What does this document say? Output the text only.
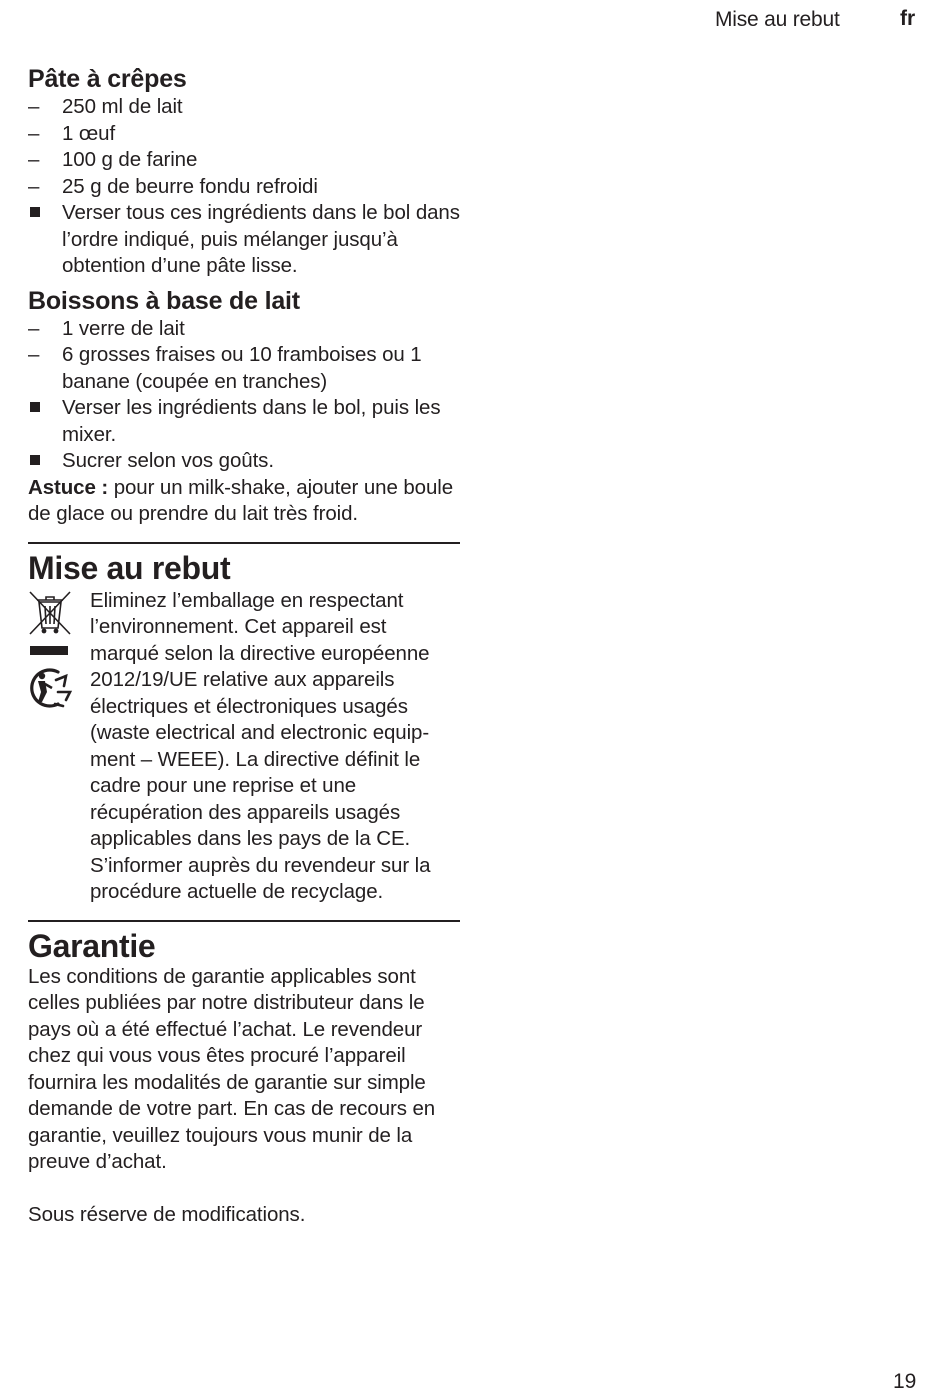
Mise au rebut	fr
Pâte à crêpes
–	250 ml de lait
–	1 œuf
–	100 g de farine
–	25 g de beurre fondu refroidi
Verser tous ces ingrédients dans le bol dans l’ordre indiqué, puis mélanger jusqu’à obtention d’une pâte lisse.
Boissons à base de lait
–	1 verre de lait
–	6 grosses fraises ou 10 framboises ou 1 banane (coupée en tranches)
Verser les ingrédients dans le bol, puis les mixer.
Sucrer selon vos goûts.

Astuce : pour un milk-shake, ajouter une boule de glace ou prendre du lait très froid.

Mise au rebut

Eliminez l’emballage en respectant l’environnement. Cet appareil est marqué selon la directive européenne 2012/19/UE relative aux appareils électriques et électroniques usagés (waste electrical and electronic equip-ment – WEEE). La directive définit le cadre pour une reprise et une récupération des appareils usagés applicables dans les pays de la CE. S’informer auprès du revendeur sur la procédure actuelle de recyclage.

Garantie

Les conditions de garantie applicables sont celles publiées par notre distributeur dans le pays où a été effectué l’achat. Le revendeur chez qui vous vous êtes procuré l’appareil fournira les modalités de garantie sur simple demande de votre part. En cas de recours en garantie, veuillez toujours vous munir de la preuve d’achat.

Sous réserve de modifications.

19
